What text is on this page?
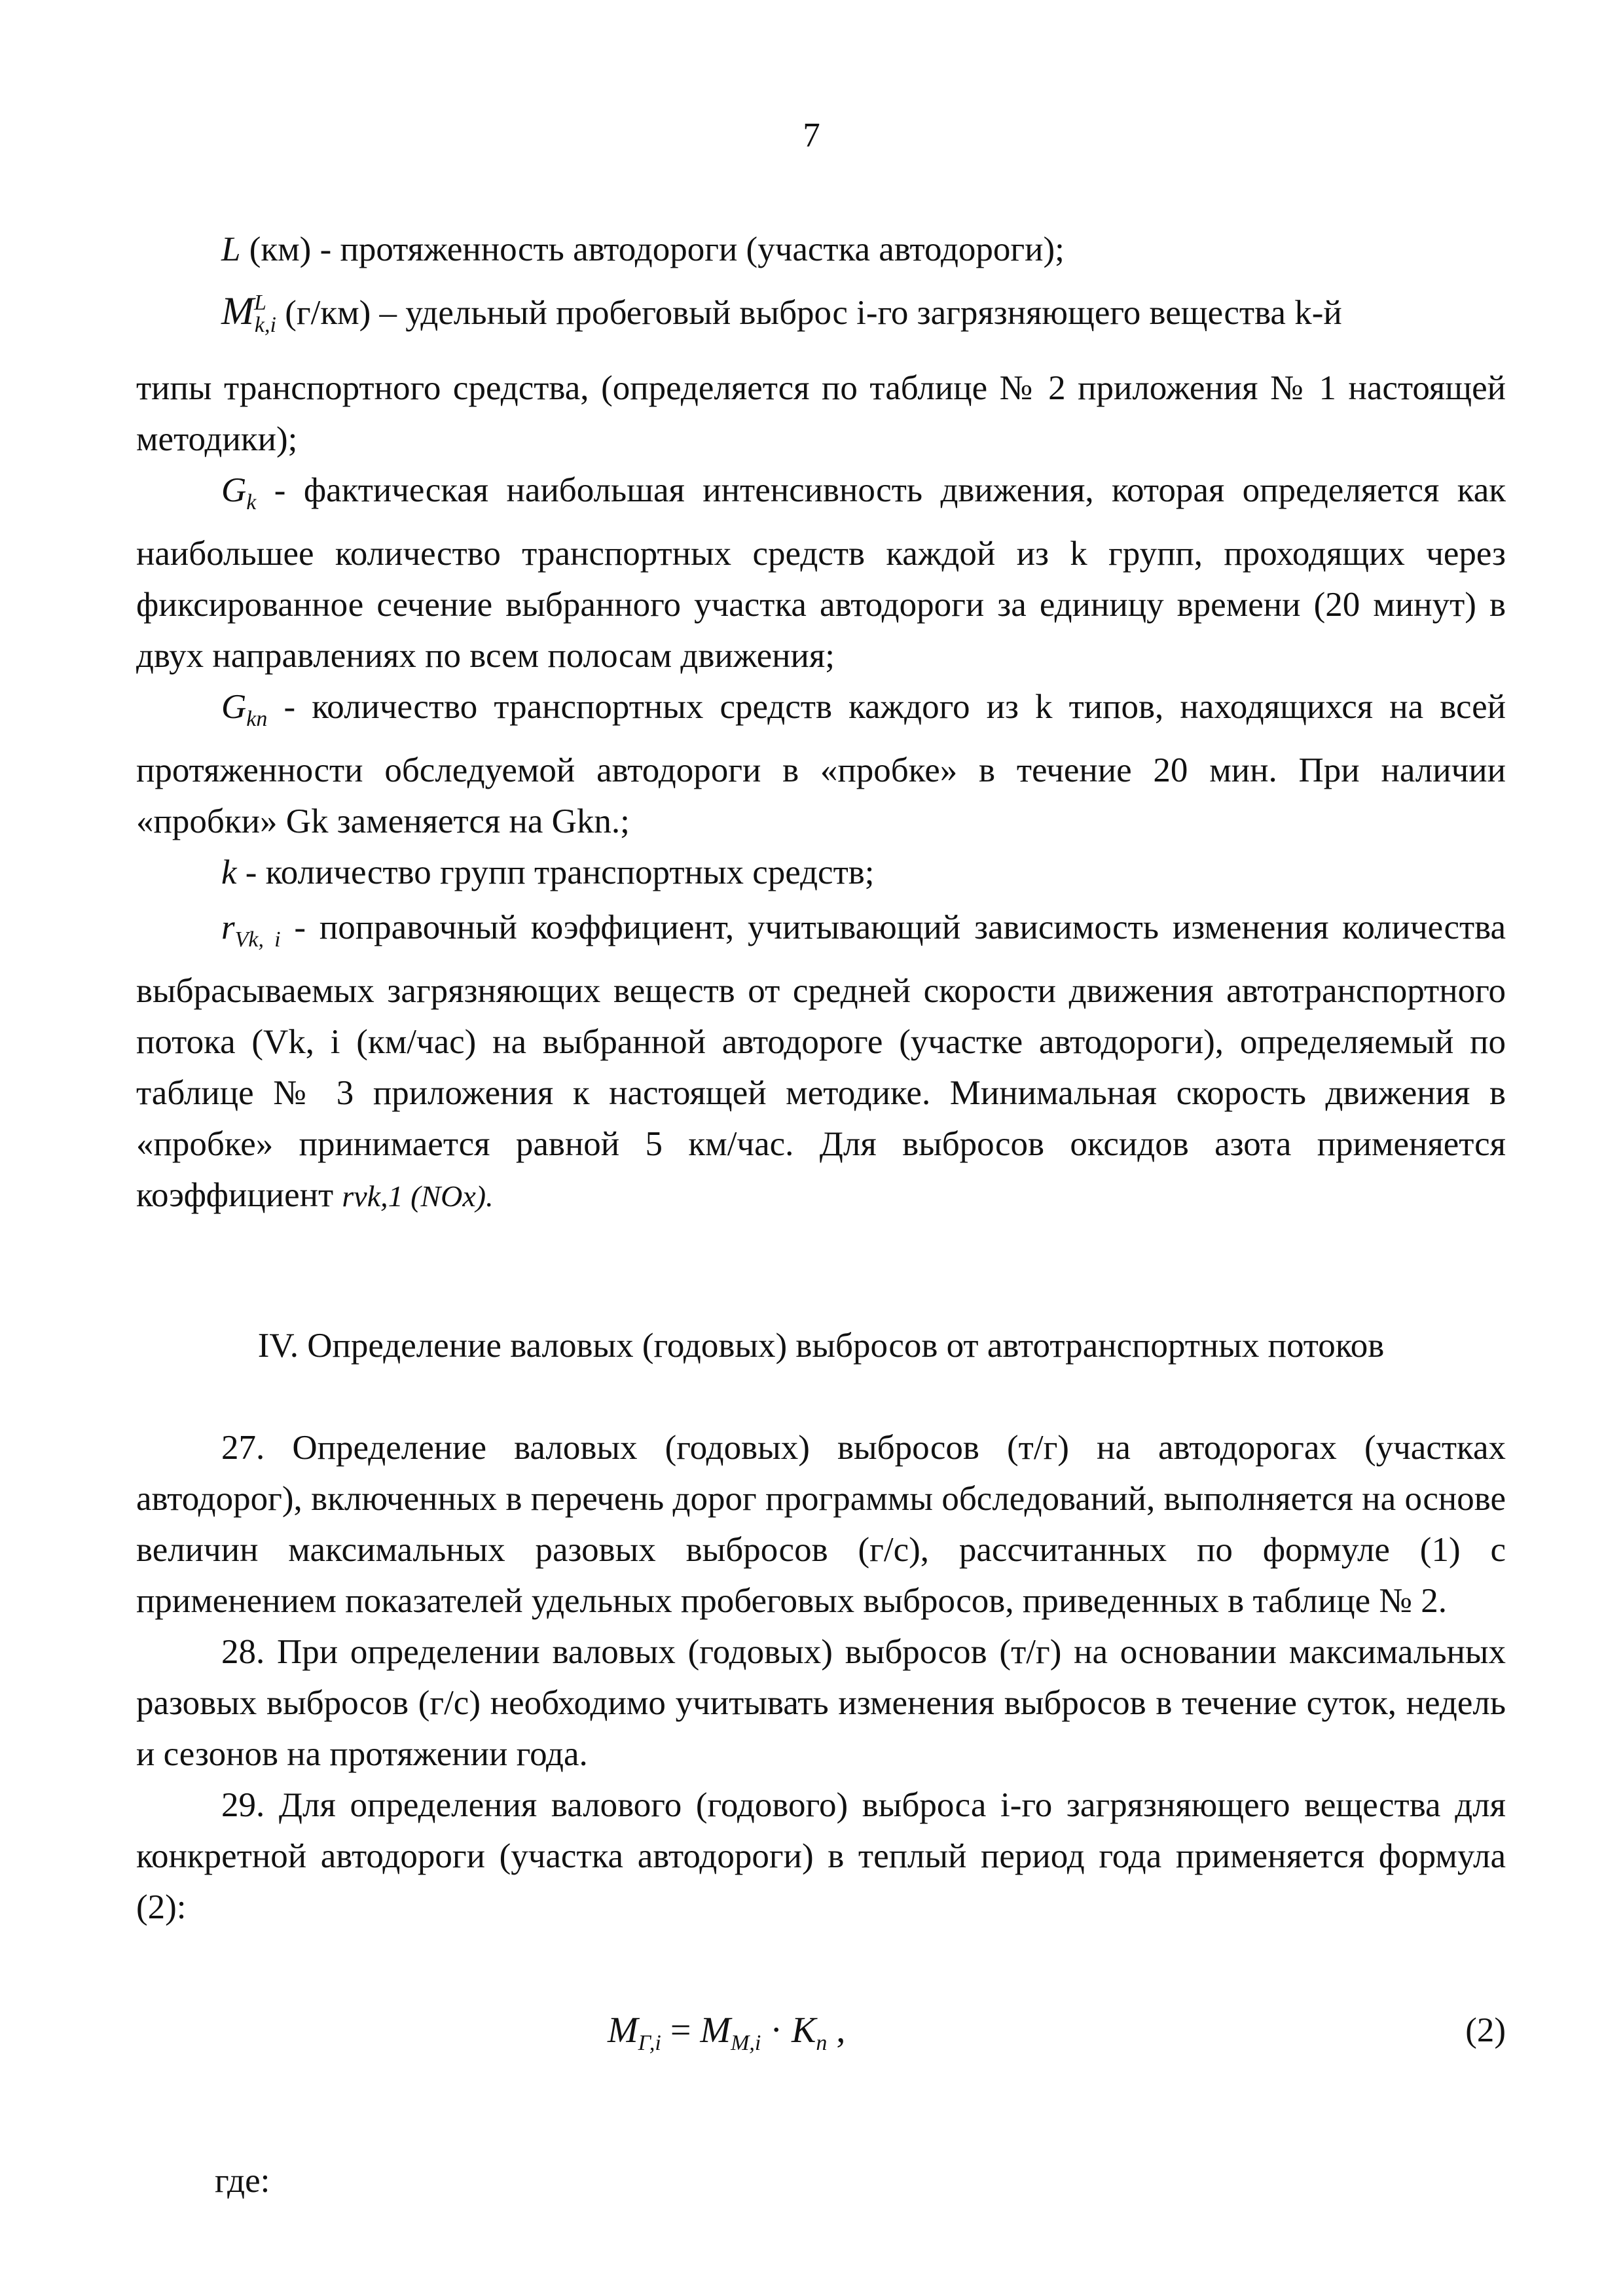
7

L (км) - протяженность автодороги (участка автодороги);

$M^L_{k,i}$ (г/км) – удельный пробеговый выброс i-го загрязняющего вещества k-й

типы транспортного средства, (определяется по таблице № 2 приложения № 1 настоящей методики);

$G_k$ - фактическая наибольшая интенсивность движения, которая определяется как наибольшее количество транспортных средств каждой из k групп, проходящих через фиксированное сечение выбранного участка автодороги за единицу времени (20 минут) в двух направлениях по всем полосам движения;

$G_{kn}$ - количество транспортных средств каждого из k типов, находящихся на всей протяженности обследуемой автодороги в «пробке» в течение 20 мин. При наличии «пробки» Gk заменяется на Gkn.;

k - количество групп транспортных средств;

$r_{Vk, i}$ - поправочный коэффициент, учитывающий зависимость изменения количества выбрасываемых загрязняющих веществ от средней скорости движения автотранспортного потока (Vk, i (км/час) на выбранной автодороге (участке автодороги), определяемый по таблице № 3 приложения к настоящей методике. Минимальная скорость движения в «пробке» принимается равной 5 км/час. Для выбросов оксидов азота применяется коэффициент rvk,1 (NOx).

IV. Определение валовых (годовых) выбросов от автотранспортных потоков

27. Определение валовых (годовых) выбросов (т/г) на автодорогах (участках автодорог), включенных в перечень дорог программы обследований, выполняется на основе величин максимальных разовых выбросов (г/с), рассчитанных по формуле (1) с применением показателей удельных пробеговых выбросов, приведенных в таблице № 2.

28. При определении валовых (годовых) выбросов (т/г) на основании максимальных разовых выбросов (г/с) необходимо учитывать изменения выбросов в течение суток, недель и сезонов на протяжении года.

29. Для определения валового (годового) выброса i-го загрязняющего вещества для конкретной автодороги (участка автодороги) в теплый период года применяется формула (2):

$M_{Г,i} = M_{M,i} \cdot K_n$ ,	(2)

где:
